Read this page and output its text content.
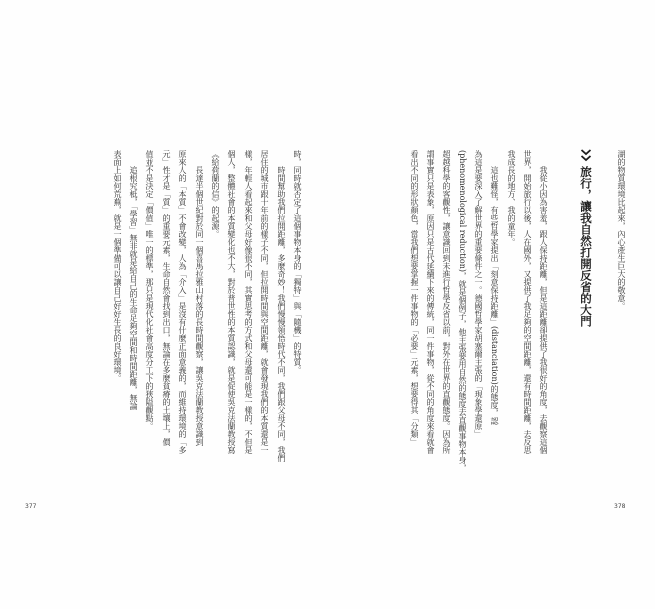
時，同時就否定了這個事物本身的「獨特」與「隨機」的特質。
時間幫助我們拉開距離，多麼奇妙！我們慢慢領悟時代不同，我們跟父母不同，我們
居住的城市跟十年前的樣子不同，但拉開時間與空間距離，就會發現我們的本質還是一
樣，年輕人看起來和父母好像很不同，其實思考的方式和父母還可能是一樣的，不但是
個人，整體社會的本質變化也不大，對於普世性的本質認識，就是促使吳克法蘭教授寫
《給荷蘭的信》的起源。
長達半個世紀對於同一個喜馬拉雅山村落的長時間觀察，讓吳克法蘭教授意識到
原來人的「本質」不會改變，人為「介入」是沒有什麼正面意義的，而維持環境的「多
元」性才是「質」的重要元素，生命自然會找到出口，無論在多麼貧瘠的土壤上，價
值並不是決定「價值」唯一的標準，那只是現代化社會高度分工下的狹隘觀點。
追根究柢，「學習」無非就是給自己的生命足夠空間和時間距離，無論
表面上如何荒蕪，就是一個準備可以讓自己好好生長的良好環境。
377
湖的物質環境比起來，內心產生巨大的敬意。
旅行，讓我自然打開反省的大門
我從小因為害羞，跟人保持距離，但是這距離卻提供了我很好的角度，去觀察這個
世界，開始旅行以後，人在國外，又提供了我足夠的空間距離，還有時間距離，去反思
我成長的地方、我的童年。
這也難怪，有些哲學家提出「刻意保持距離」(distanciation)的態度，認
為這是要深入了解世界的重要條件之一。德國哲學家胡塞爾主張的「現象學還原」
(phenomenological reduction)，就是個例子，他主張要用自然的態度去直觀事物本身，
超越科學的客觀性，讓意識回到未進行哲學反省以前，對外在世界的直觀態度。因為所
謂事實只是表象，原因只是古代延續下來的傳統，同一件事物，從不同的角度來看就會
看出不同的形狀顏色，當我們想要掌握一件事物的「必要」元素，想要得其「分類」
378
